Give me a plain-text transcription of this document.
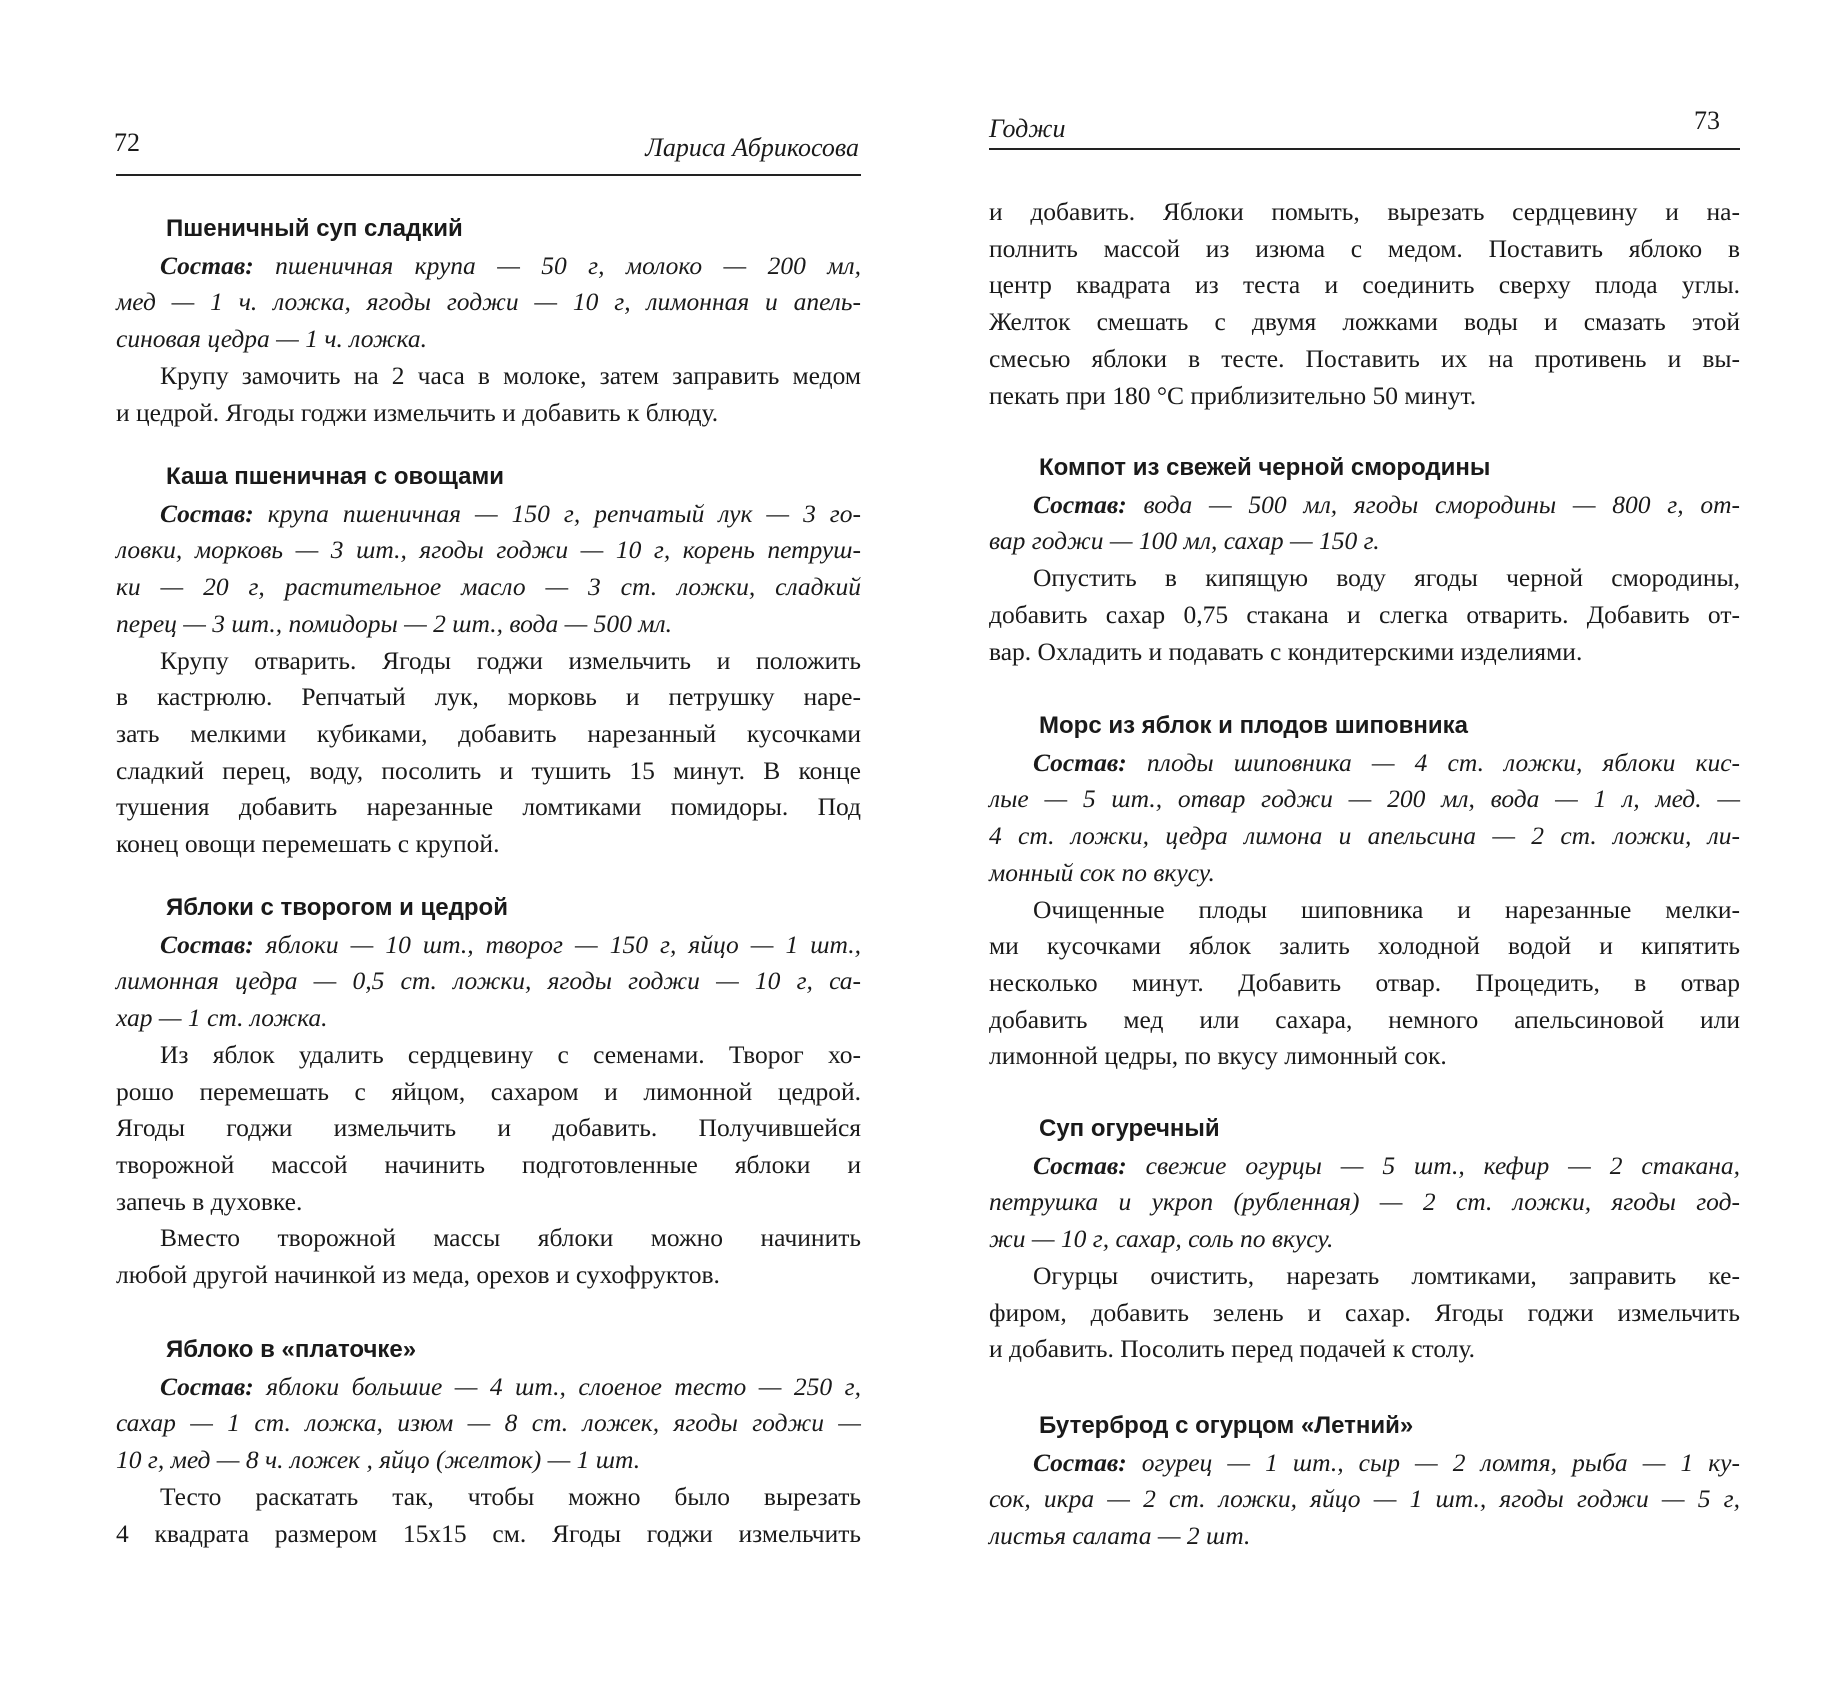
72	Лариса Абрикосова
Пшеничный суп сладкий
Состав: пшеничная крупа — 50 г, молоко — 200 мл,
мед — 1 ч. ложка, ягоды годжи — 10 г, лимонная и апель-
синовая цедра — 1 ч. ложка.
Крупу замочить на 2 часа в молоке, затем заправить медом
и цедрой. Ягоды годжи измельчить и добавить к блюду.
Каша пшеничная с овощами
Состав: крупа пшеничная — 150 г, репчатый лук — 3 го-
ловки, морковь — 3 шт., ягоды годжи — 10 г, корень петруш-
ки — 20 г, растительное масло — 3 ст. ложки, сладкий
перец — 3 шт., помидоры — 2 шт., вода — 500 мл.
Крупу отварить. Ягоды годжи измельчить и положить
в кастрюлю. Репчатый лук, морковь и петрушку наре-
зать мелкими кубиками, добавить нарезанный кусочками
сладкий перец, воду, посолить и тушить 15 минут. В конце
тушения добавить нарезанные ломтиками помидоры. Под
конец овощи перемешать с крупой.
Яблоки с творогом и цедрой
Состав: яблоки — 10 шт., творог — 150 г, яйцо — 1 шт.,
лимонная цедра — 0,5 ст. ложки, ягоды годжи — 10 г, са-
хар — 1 ст. ложка.
Из яблок удалить сердцевину с семенами. Творог хо-
рошо перемешать с яйцом, сахаром и лимонной цедрой.
Ягоды годжи измельчить и добавить. Получившейся
творожной массой начинить подготовленные яблоки и
запечь в духовке.
Вместо творожной массы яблоки можно начинить
любой другой начинкой из меда, орехов и сухофруктов.
Яблоко в «платочке»
Состав: яблоки большие — 4 шт., слоеное тесто — 250 г,
сахар — 1 ст. ложка, изюм — 8 ст. ложек, ягоды годжи —
10 г, мед — 8 ч. ложек , яйцо (желток) — 1 шт.
Тесто раскатать так, чтобы можно было вырезать
4 квадрата размером 15х15 см. Ягоды годжи измельчить
Годжи	73
и добавить. Яблоки помыть, вырезать сердцевину и на-
полнить массой из изюма с медом. Поставить яблоко в
центр квадрата из теста и соединить сверху плода углы.
Желток смешать с двумя ложками воды и смазать этой
смесью яблоки в тесте. Поставить их на противень и вы-
пекать при 180 °С приблизительно 50 минут.
Компот из свежей черной смородины
Состав: вода — 500 мл, ягоды смородины — 800 г, от-
вар годжи — 100 мл, сахар — 150 г.
Опустить в кипящую воду ягоды черной смородины,
добавить сахар 0,75 стакана и слегка отварить. Добавить от-
вар. Охладить и подавать с кондитерскими изделиями.
Морс из яблок и плодов шиповника
Состав: плоды шиповника — 4 ст. ложки, яблоки кис-
лые — 5 шт., отвар годжи — 200 мл, вода — 1 л, мед. —
4 ст. ложки, цедра лимона и апельсина — 2 ст. ложки, ли-
монный сок по вкусу.
Очищенные плоды шиповника и нарезанные мелки-
ми кусочками яблок залить холодной водой и кипятить
несколько минут. Добавить отвар. Процедить, в отвар
добавить мед или сахара, немного апельсиновой или
лимонной цедры, по вкусу лимонный сок.
Суп огуречный
Состав: свежие огурцы — 5 шт., кефир — 2 стакана,
петрушка и укроп (рубленная) — 2 ст. ложки, ягоды год-
жи — 10 г, сахар, соль по вкусу.
Огурцы очистить, нарезать ломтиками, заправить ке-
фиром, добавить зелень и сахар. Ягоды годжи измельчить
и добавить. Посолить перед подачей к столу.
Бутерброд с огурцом «Летний»
Состав: огурец — 1 шт., сыр — 2 ломтя, рыба — 1 ку-
сок, икра — 2 ст. ложки, яйцо — 1 шт., ягоды годжи — 5 г,
листья салата — 2 шт.
